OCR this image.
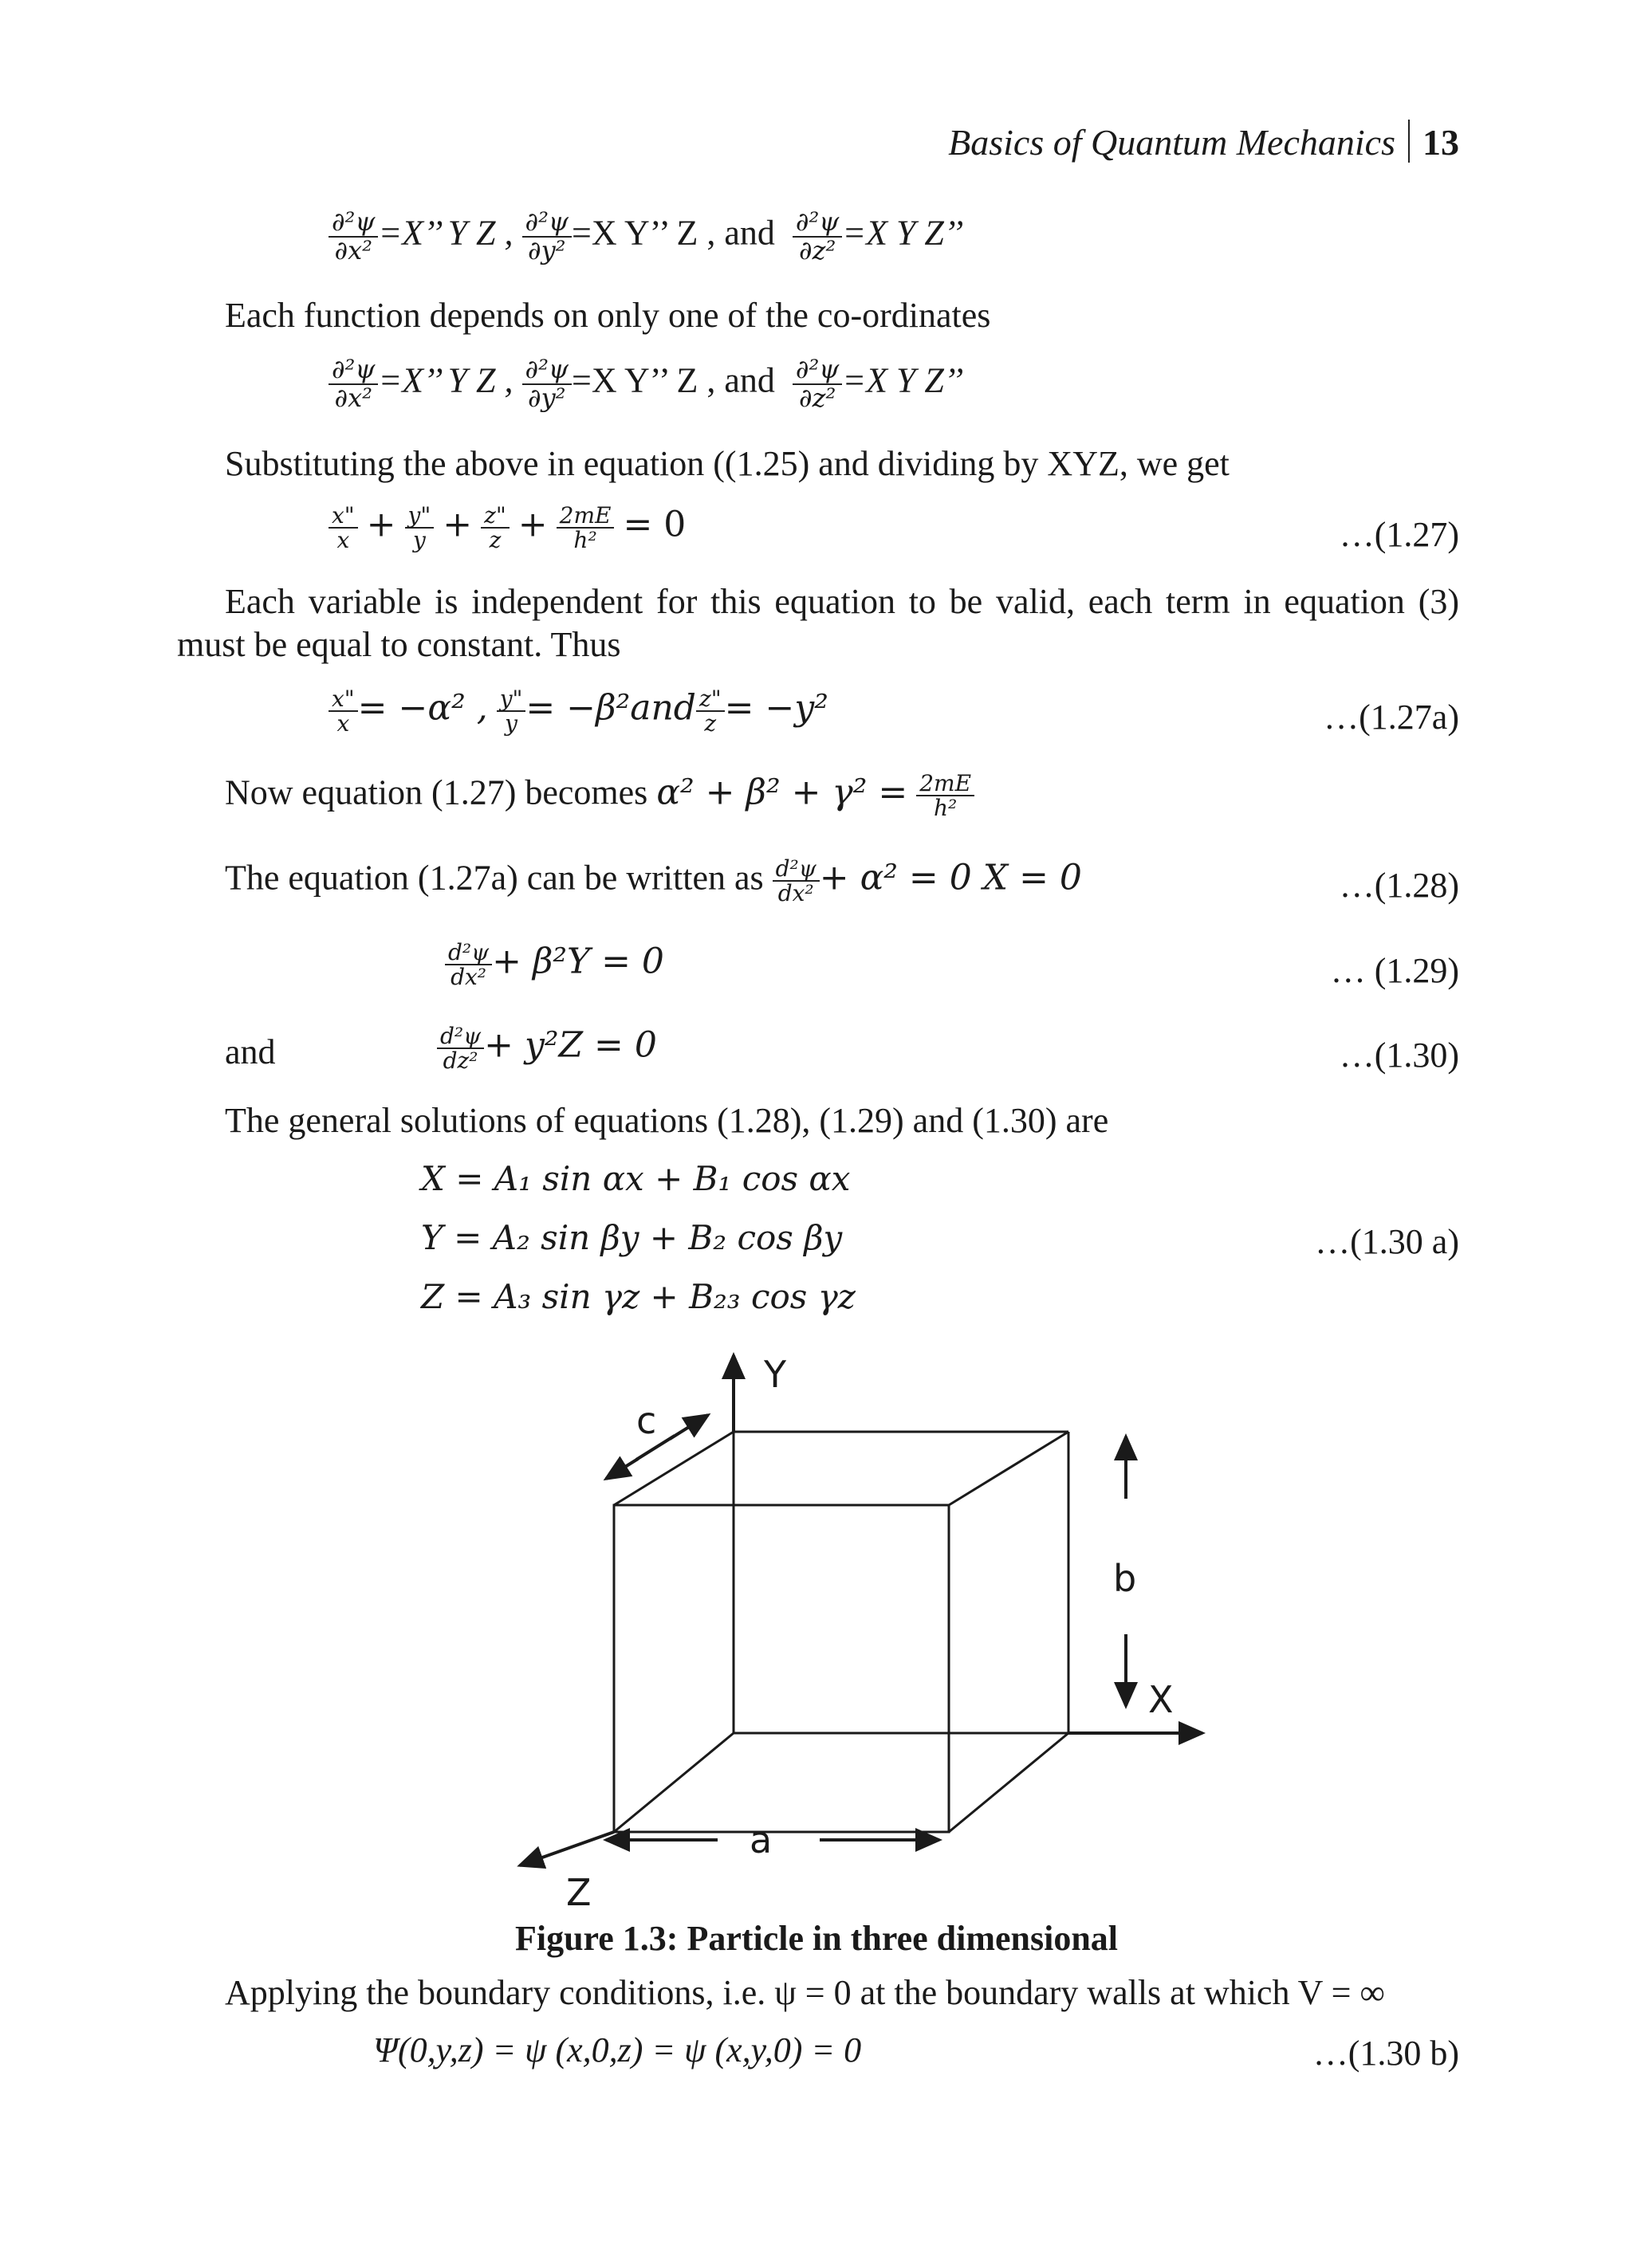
Basics of Quantum Mechanics 13
$\frac{\text{∂²ψ}}{\text{∂x²}} =X$’’ Y Z , $\frac{\text{∂²ψ}}{\text{∂y²}} =X$ Y’’ Z , and $\frac{\text{∂²ψ}}{\text{∂z²}} =X$ Y Z’’
Each function depends on only one of the co-ordinates
$\frac{\text{∂²ψ}}{\text{∂x²}} =X$’’ Y Z , $\frac{\text{∂²ψ}}{\text{∂y²}} =X$ Y’’ Z , and $\frac{\text{∂²ψ}}{\text{∂z²}} =X$ Y Z’’
Substituting the above in equation ((1.25) and dividing by XYZ, we get
$\frac{x"}{x} + \frac{y"}{y} + \frac{z"}{z} + \frac{2mE}{\text{h²}} = 0$	…(1.27)
Each variable is independent for this equation to be valid, each term in equation (3) must be equal to constant. Thus
$\frac{x"}{x} = -\alpha^2$ , $\frac{y"}{y} = -\beta^2and \frac{z"}{z} = -y^2$	…(1.27a)
Now equation (1.27) becomes $\alpha^2 + \beta^2 + \gamma^2 = \frac{2mE}{\text{h²}}$
The equation (1.27a) can be written as $\frac{\text{d²ψ}}{\text{dx²}} + \alpha^2 = 0$ X = 0	…(1.28)
$\frac{\text{d²ψ}}{\text{dx²}} + \beta^2Y = 0$	… (1.29)
and	$\frac{\text{d²ψ}}{\text{dz²}} + y^2Z = 0$	…(1.30)
The general solutions of equations (1.28), (1.29) and (1.30) are
X = A₁ sin αx + B₁ cos αx
Y = A₂ sin βy + B₂ cos βy
Z = A₃ sin γz + B₂₃ cos γz
…(1.30 a)
Y
X
Z
a
b
c
Figure 1.3: Particle in three dimensional
Applying the boundary conditions, i.e. ψ = 0 at the boundary walls at which V = ∞
Ψ(0,y,z) = ψ (x,0,z) = ψ (x,y,0) = 0	…(1.30 b)
